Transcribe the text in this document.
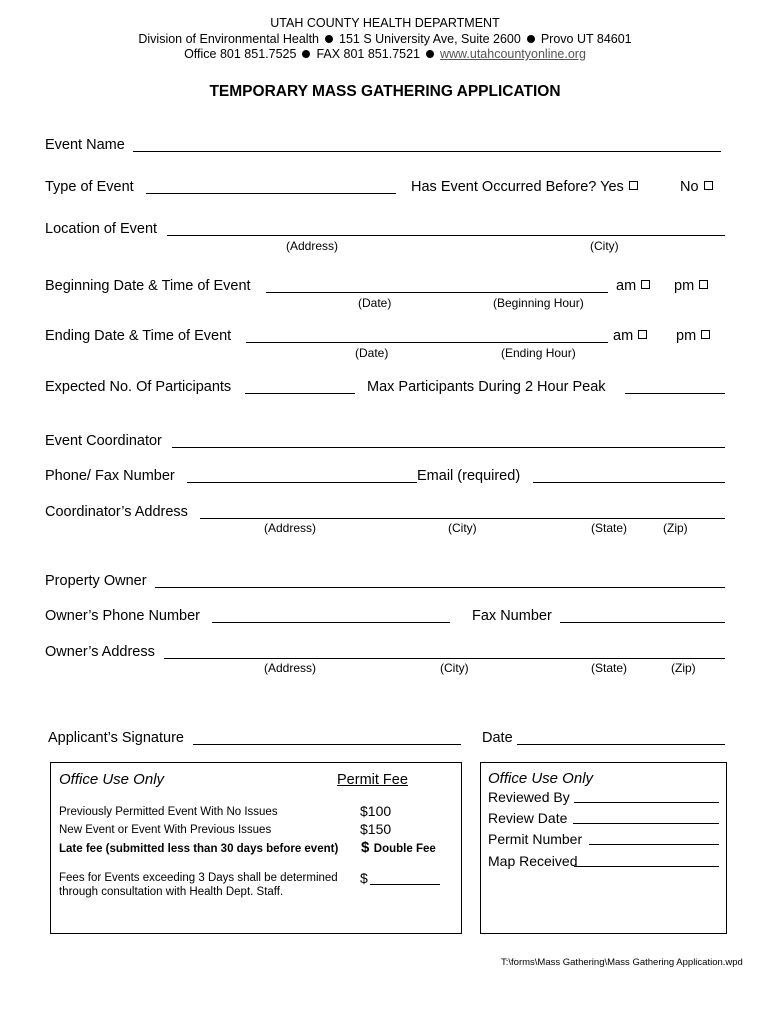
UTAH COUNTY HEALTH DEPARTMENT
Division of Environmental Health 151 S University Ave, Suite 2600 Provo UT 84601
Office 801 851.7525 FAX 801 851.7521 www.utahcountyonline.org
TEMPORARY MASS GATHERING APPLICATION
Event Name
Type of Event	Has Event Occurred Before? Yes	No
Location of Event
(Address)	(City)
Beginning Date & Time of Event	am	pm
(Date)	(Beginning Hour)
Ending Date & Time of Event	am	pm
(Date)	(Ending Hour)
Expected No. Of Participants	Max Participants During 2 Hour Peak
Event Coordinator
Phone/ Fax Number	Email (required)
Coordinator’s Address
(Address)	(City)	(State)	(Zip)
Property Owner
Owner’s Phone Number	Fax Number
Owner’s Address
(Address)	(City)	(State)	(Zip)
Applicant’s Signature	Date
Office Use Only	Permit Fee
Previously Permitted Event With No Issues	$100
New Event or Event With Previous Issues	$150
Late fee (submitted less than 30 days before event) $ Double Fee
Fees for Events exceeding 3 Days shall be determined
through consultation with Health Dept. Staff.
$
Office Use Only
Reviewed By
Review Date
Permit Number
Map Received
T:\forms\Mass Gathering\Mass Gathering Application.wpd
